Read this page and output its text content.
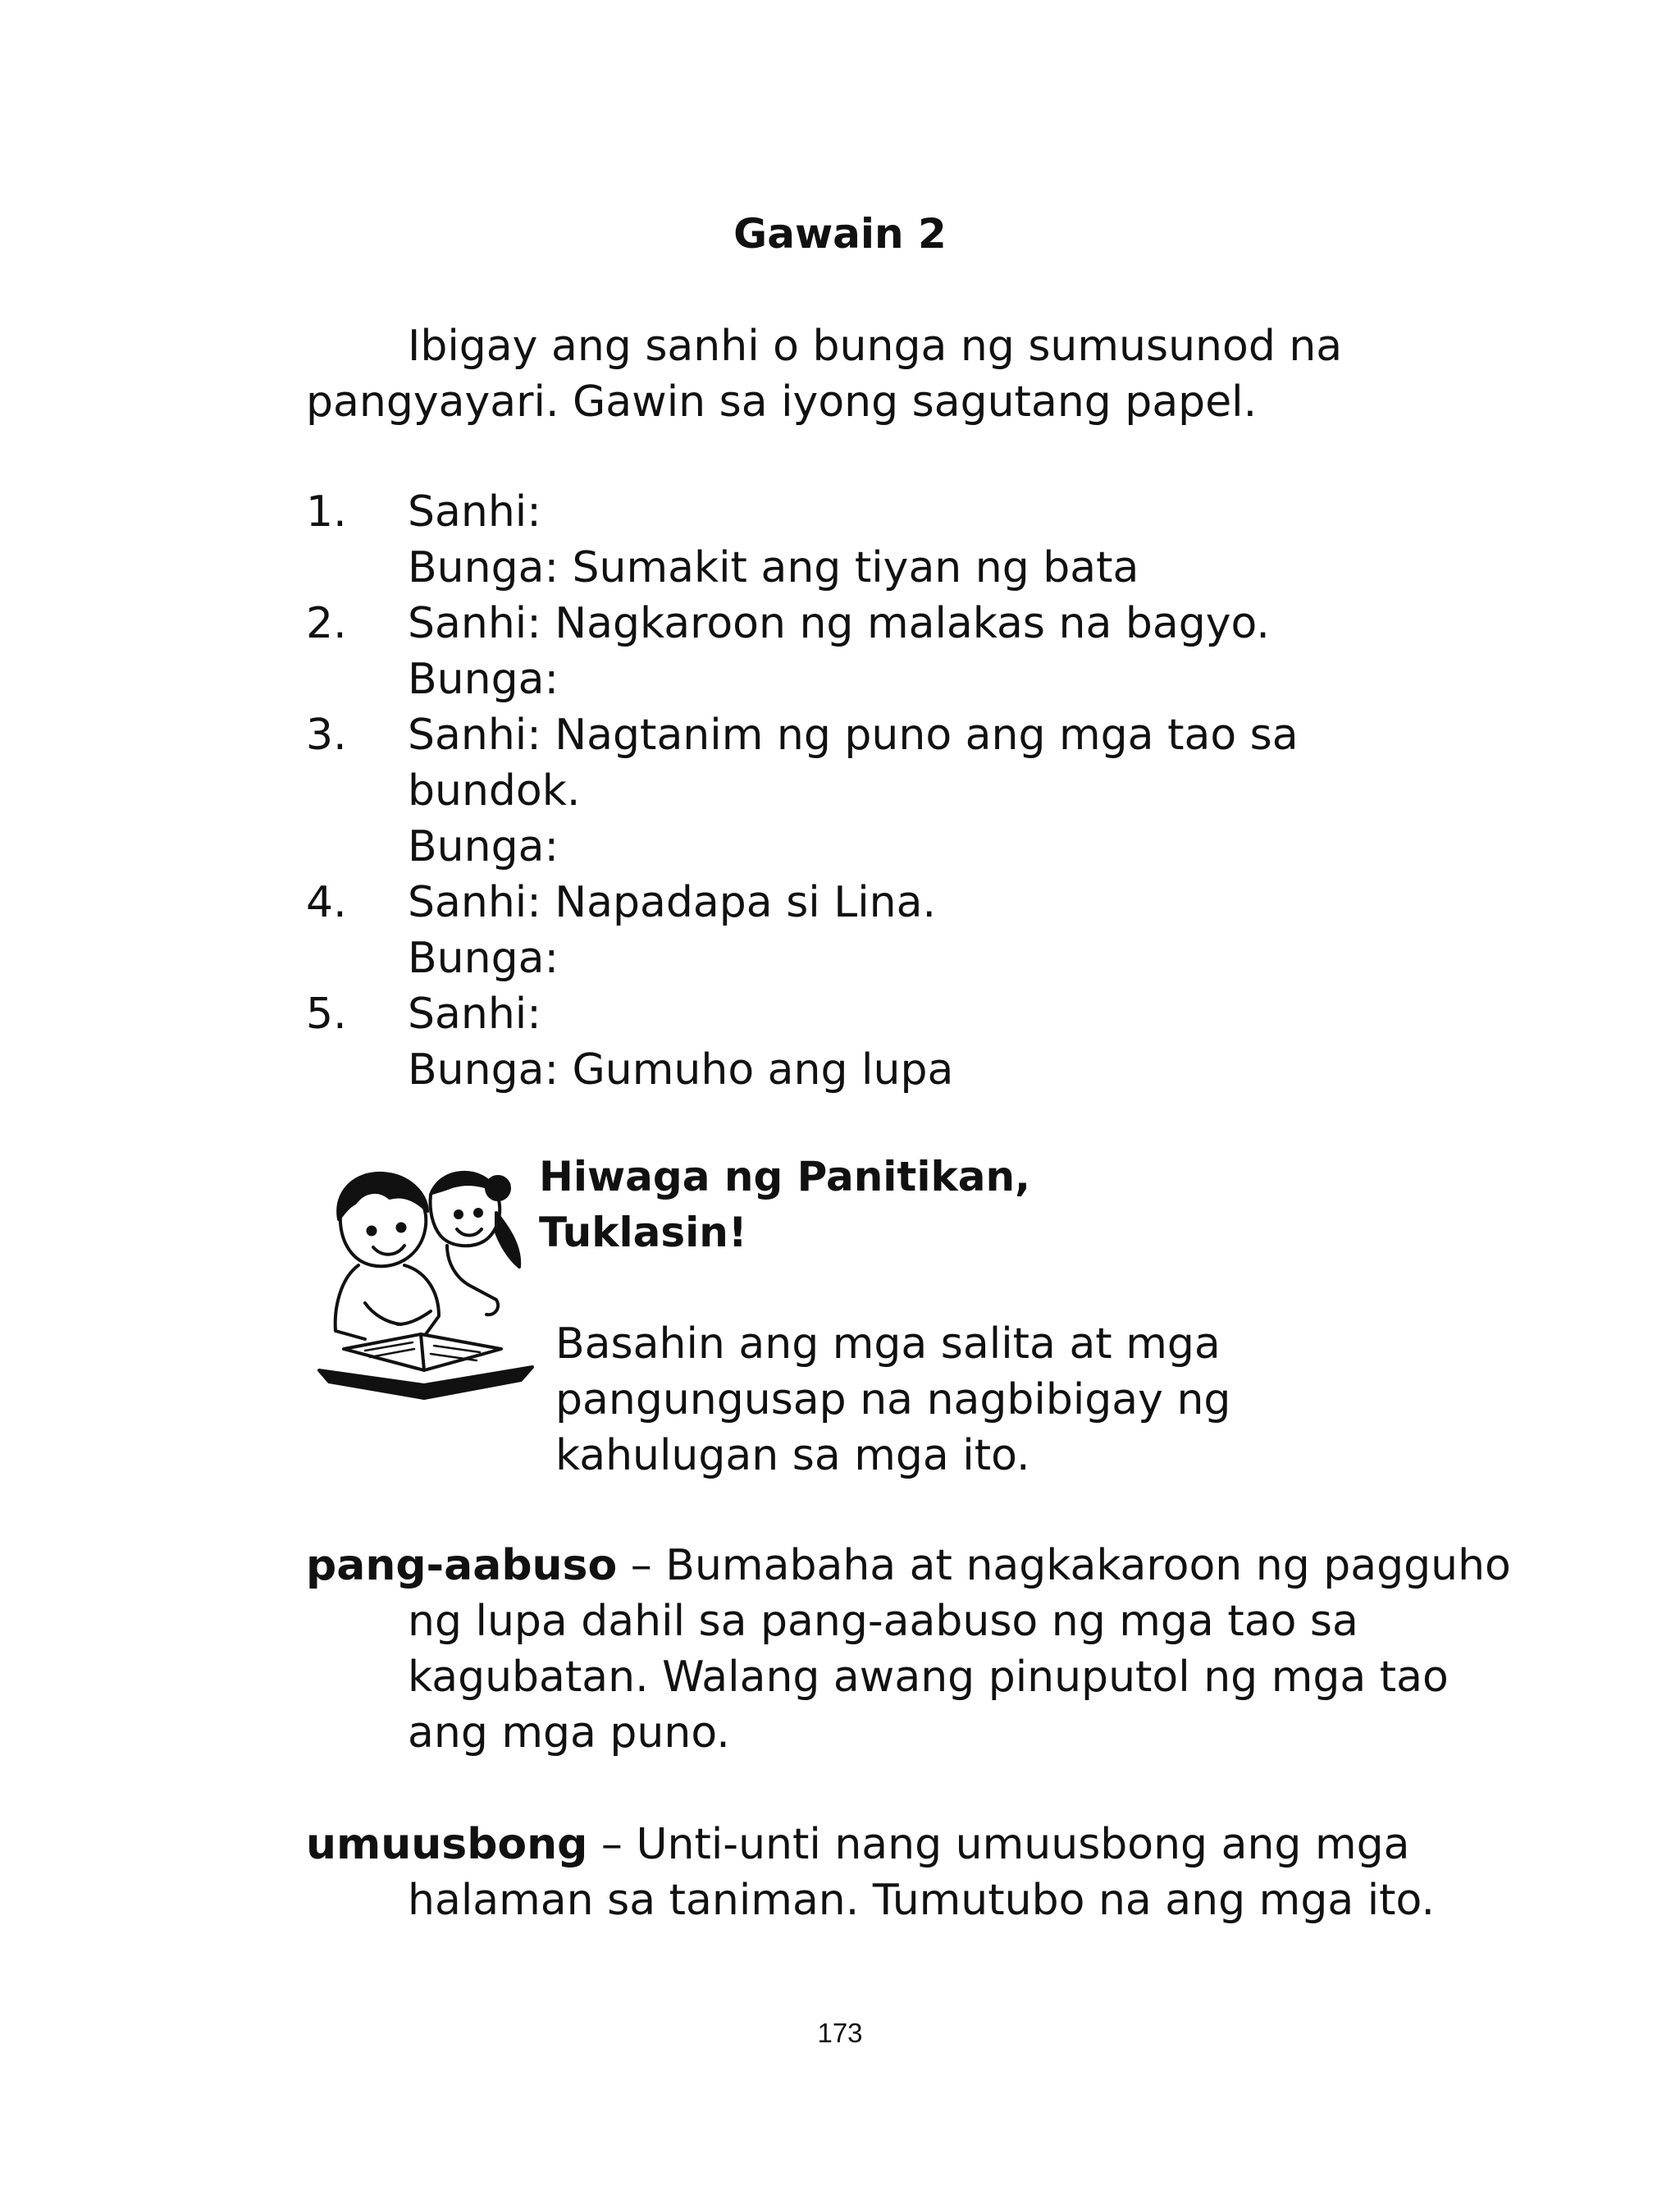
Gawain 2

Ibigay ang sanhi o bunga ng sumusunod na pangyayari. Gawin sa iyong sagutang papel.

1. Sanhi:
Bunga: Sumakit ang tiyan ng bata
2. Sanhi: Nagkaroon ng malakas na bagyo.
Bunga:
3. Sanhi: Nagtanim ng puno ang mga tao sa
bundok.
Bunga:
4. Sanhi: Napadapa si Lina.
Bunga:
5. Sanhi:
Bunga: Gumuho ang lupa
Hiwaga ng Panitikan,
Tuklasin!

Basahin ang mga salita at mga pangungusap na nagbibigay ng kahulugan sa mga ito.

pang-aabuso – Bumabaha at nagkakaroon ng pagguho ng lupa dahil sa pang-aabuso ng mga tao sa kagubatan. Walang awang pinuputol ng mga tao ang mga puno.

umuusbong – Unti-unti nang umuusbong ang mga halaman sa taniman. Tumutubo na ang mga ito.

173
